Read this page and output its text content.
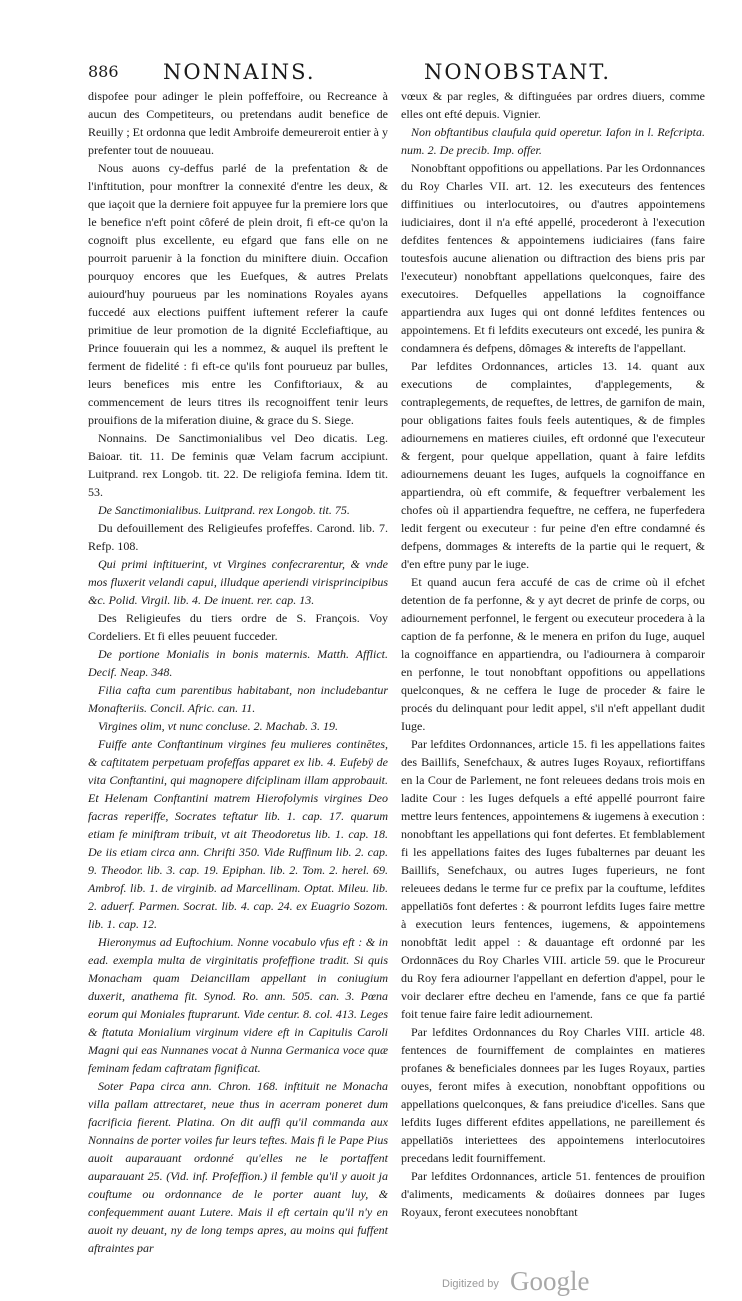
886 NONNAINS.	NONOBSTANT.

dispofee pour adinger le plein poffeffoire, ou Recreance à aucun des Competiteurs, ou pretendans audit benefice de Reuilly ; Et ordonna que ledit Ambroife demeureroit entier à y prefenter tout de nouueau.

Nous auons cy-deffus parlé de la prefentation & de l'inftitution, pour monftrer la connexité d'entre les deux, & que iaçoit que la derniere foit appuyee fur la premiere lors que le benefice n'eft point côferé de plein droit, fi eft-ce qu'on la cognoift plus excellente, eu efgard que fans elle on ne pourroit paruenir à la fonction du miniftere diuin. Occafion pourquoy encores que les Euefques, & autres Prelats auiourd'huy pourueus par les nominations Royales ayans fuccedé aux elections puiffent iuftement referer la caufe primitiue de leur promotion de la dignité Ecclefiaftique, au Prince fouuerain qui les a nommez, & auquel ils preftent le ferment de fidelité : fi eft-ce qu'ils font pourueuz par bulles, leurs benefices mis entre les Confiftoriaux, & au commencement de leurs titres ils recognoiffent tenir leurs prouifions de la miferation diuine, & grace du S. Siege.

Nonnains. De Sanctimonialibus vel Deo dicatis. Leg. Baioar. tit. 11. De feminis quæ Velam facrum accipiunt. Luitprand. rex Longob. tit. 22. De religiofa femina. Idem tit. 53.

De Sanctimonialibus. Luitprand. rex Longob. tit. 75.

Du defouillement des Religieufes profeffes. Carond. lib. 7. Refp. 108.

Qui primi inftituerint, vt Virgines confecrarentur, & vnde mos fluxerit velandi capui, illudque aperiendi virisprincipibus &c. Polid. Virgil. lib. 4. De inuent. rer. cap. 13.

Des Religieufes du tiers ordre de S. François. Voy Cordeliers. Et fi elles peuuent fucceder.

De portione Monialis in bonis maternis. Matth. Afflict. Decif. Neap. 348.

Filia cafta cum parentibus habitabant, non includebantur Monafteriis. Concil. Afric. can. 11.

Virgines olim, vt nunc concluse. 2. Machab. 3. 19.

Fuiffe ante Conftantinum virgines feu mulieres continētes, & caftitatem perpetuam profeffas apparet ex lib. 4. Eufebÿ de vita Conftantini, qui magnopere difciplinam illam approbauit. Et Helenam Conftantini matrem Hierofolymis virgines Deo facras reperiffe, Socrates teftatur lib. 1. cap. 17. quarum etiam fe miniftram tribuit, vt ait Theodoretus lib. 1. cap. 18. De iis etiam circa ann. Chrifti 350. Vide Ruffinum lib. 2. cap. 9. Theodor. lib. 3. cap. 19. Epiphan. lib. 2. Tom. 2. herel. 69. Ambrof. lib. 1. de virginib. ad Marcellinam. Optat. Mileu. lib. 2. aduerf. Parmen. Socrat. lib. 4. cap. 24. ex Euagrio Sozom. lib. 1. cap. 12.

Hieronymus ad Euftochium. Nonne vocabulo vfus eft : & in ead. exempla multa de virginitatis profeffione tradit. Si quis Monacham quam Deiancillam appellant in coniugium duxerit, anathema fit. Synod. Ro. ann. 505. can. 3. Pœna eorum qui Moniales ftuprarunt. Vide centur. 8. col. 413. Leges & ftatuta Monialium virginum videre eft in Capitulis Caroli Magni qui eas Nunnanes vocat à Nunna Germanica voce quæ feminam fedam caftratam fignificat.

Soter Papa circa ann. Chron. 168. inftituit ne Monacha villa pallam attrectaret, neue thus in acerram poneret dum facrificia fierent. Platina. On dit auffi qu'il commanda aux Nonnains de porter voiles fur leurs teftes. Mais fi le Pape Pius auoit auparauant ordonné qu'elles ne le portaffent auparauant 25. (Vid. inf. Profeffion.) il femble qu'il y auoit ja couftume ou ordonnance de le porter auant luy, & confequemment auant Lutere. Mais il eft certain qu'il n'y en auoit ny deuant, ny de long temps apres, au moins qui fuffent aftraintes par

vœux & par regles, & diftinguées par ordres diuers, comme elles ont efté depuis. Vignier.

Non obftantibus claufula quid operetur. Iafon in l. Refcripta. num. 2. De precib. Imp. offer.

Nonobftant oppofitions ou appellations. Par les Ordonnances du Roy Charles VII. art. 12. les executeurs des fentences diffinitiues ou interlocutoires, ou d'autres appointemens iudiciaires, dont il n'a efté appellé, procederont à l'execution defdites fentences & appointemens iudiciaires (fans faire toutesfois aucune alienation ou diftraction des biens pris par l'executeur) nonobftant appellations quelconques, faire des executoires. Defquelles appellations la cognoiffance appartiendra aux Iuges qui ont donné lefdites fentences ou appointemens. Et fi lefdits executeurs ont excedé, les punira & condamnera és defpens, dômages & interefts de l'appellant.

Par lefdites Ordonnances, articles 13. 14. quant aux executions de complaintes, d'applegements, & contraplegements, de requeftes, de lettres, de garnifon de main, pour obligations faites fouls feels autentiques, & de fimples adiournemens en matieres ciuiles, eft ordonné que l'executeur & fergent, pour quelque appellation, quant à faire lefdits adiournemens deuant les Iuges, aufquels la cognoiffance en appartiendra, où eft commife, & fequeftrer verbalement les chofes où il appartiendra fequeftre, ne ceffera, ne fuperfedera ledit fergent ou executeur : fur peine d'en eftre condamné és defpens, dommages & interefts de la partie qui le requert, & d'en eftre puny par le iuge.

Et quand aucun fera accufé de cas de crime où il efchet detention de fa perfonne, & y ayt decret de prinfe de corps, ou adiournement perfonnel, le fergent ou executeur procedera à la caption de fa perfonne, & le menera en prifon du Iuge, auquel la cognoiffance en appartiendra, ou l'adiournera à comparoir en perfonne, le tout nonobftant oppofitions ou appellations quelconques, & ne ceffera le Iuge de proceder & faire le procés du delinquant pour ledit appel, s'il n'eft appellant dudit Iuge.

Par lefdites Ordonnances, article 15. fi les appellations faites des Baillifs, Senefchaux, & autres Iuges Royaux, refiortiffans en la Cour de Parlement, ne font releuees dedans trois mois en ladite Cour : les Iuges defquels a efté appellé pourront faire mettre leurs fentences, appointemens & iugemens à execution : nonobftant les appellations qui font defertes. Et femblablement fi les appellations faites des Iuges fubalternes par deuant les Baillifs, Senefchaux, ou autres Iuges fuperieurs, ne font releuees dedans le terme fur ce prefix par la couftume, lefdites appellatiōs font defertes : & pourront lefdits Iuges faire mettre à execution leurs fentences, iugemens, & appointemens nonobftāt ledit appel : & dauantage eft ordonné par les Ordonnāces du Roy Charles VIII. article 59. que le Procureur du Roy fera adiourner l'appellant en defertion d'appel, pour le voir declarer eftre decheu en l'amende, fans ce que fa partié foit tenue faire faire ledit adiournement.

Par lefdites Ordonnances du Roy Charles VIII. article 48. fentences de fourniffement de complaintes en matieres profanes & beneficiales donnees par les Iuges Royaux, parties ouyes, feront mifes à execution, nonobftant oppofitions ou appellations quelconques, & fans preiudice d'icelles. Sans que lefdits Iuges different efdites appellations, ne pareillement és appellatiōs interiettees des appointemens interlocutoires precedans ledit fourniffement.

Par lefdites Ordonnances, article 51. fentences de prouifion d'aliments, medicaments & doüaires donnees par Iuges Royaux, feront executees nonobftant

Digitized by Google
